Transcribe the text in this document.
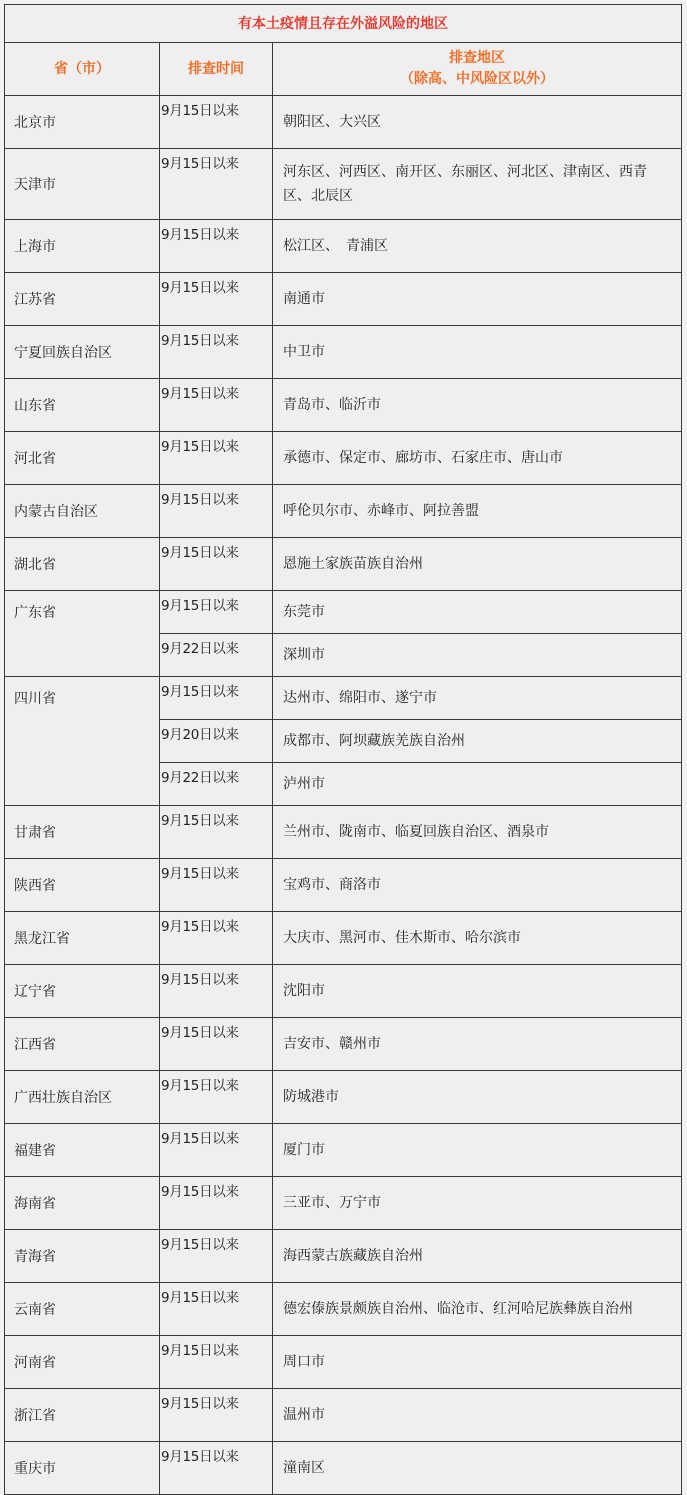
有本土疫情且存在外溢风险的地区		
省（市）	排查时间	排查地区
（除高、中风险区以外）

北京市	9月15日以来	朝阳区、大兴区
天津市	9月15日以来	河东区、河西区、南开区、东丽区、河北区、津南区、西青区、北辰区
上海市	9月15日以来	松江区、　青浦区
江苏省	9月15日以来	南通市
宁夏回族自治区	9月15日以来	中卫市
山东省	9月15日以来	青岛市、临沂市
河北省	9月15日以来	承德市、保定市、廊坊市、石家庄市、唐山市
内蒙古自治区	9月15日以来	呼伦贝尔市、赤峰市、阿拉善盟
湖北省	9月15日以来	恩施土家族苗族自治州
广东省	9月15日以来	东莞市
	9月22日以来	深圳市
四川省	9月15日以来	达州市、绵阳市、遂宁市
	9月20日以来	成都市、阿坝藏族羌族自治州
	9月22日以来	泸州市
甘肃省	9月15日以来	兰州市、陇南市、临夏回族自治区、酒泉市
陕西省	9月15日以来	宝鸡市、商洛市
黑龙江省	9月15日以来	大庆市、黑河市、佳木斯市、哈尔滨市
辽宁省	9月15日以来	沈阳市
江西省	9月15日以来	吉安市、赣州市
广西壮族自治区	9月15日以来	防城港市
福建省	9月15日以来	厦门市
海南省	9月15日以来	三亚市、万宁市
青海省	9月15日以来	海西蒙古族藏族自治州
云南省	9月15日以来	德宏傣族景颇族自治州、临沧市、红河哈尼族彝族自治州
河南省	9月15日以来	周口市
浙江省	9月15日以来	温州市
重庆市	9月15日以来	潼南区
